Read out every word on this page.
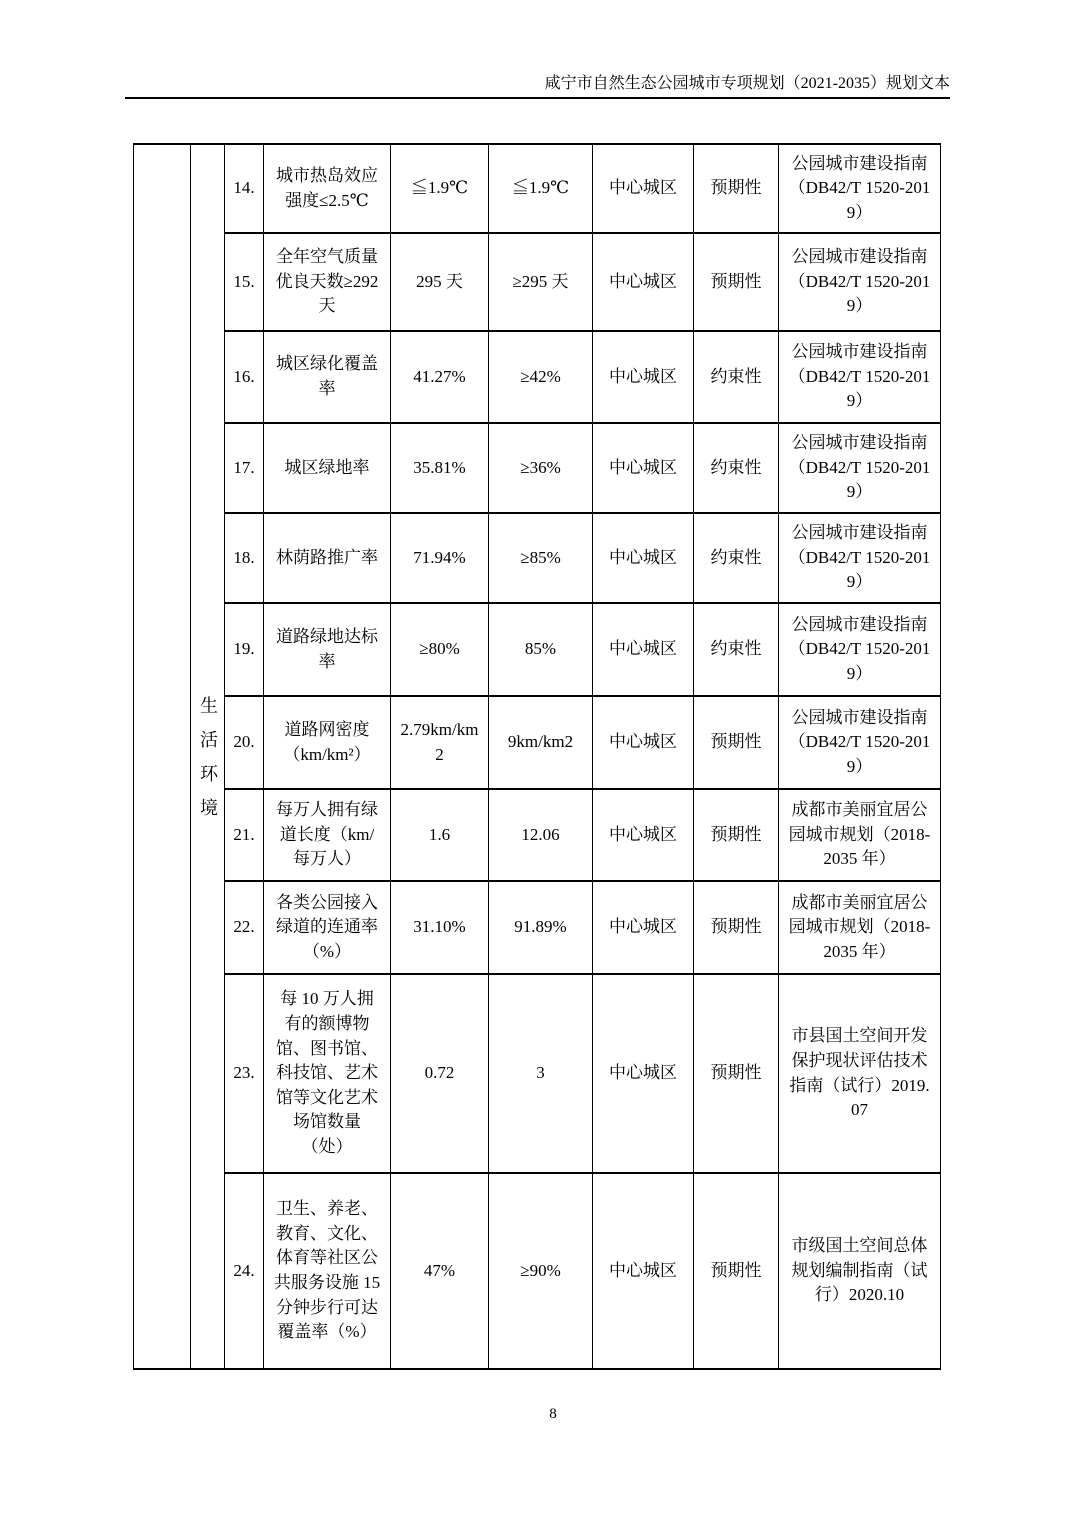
咸宁市自然生态公园城市专项规划（2021-2035）规划文本

	生活环境	14.	城市热岛效应强度≤2.5℃	≦1.9℃	≦1.9℃	中心城区	预期性	公园城市建设指南（DB42/T 1520-2019）
		15.	全年空气质量优良天数≥292 天	295 天	≥295 天	中心城区	预期性	公园城市建设指南（DB42/T 1520-2019）
		16.	城区绿化覆盖率	41.27%	≥42%	中心城区	约束性	公园城市建设指南（DB42/T 1520-2019）
		17.	城区绿地率	35.81%	≥36%	中心城区	约束性	公园城市建设指南（DB42/T 1520-2019）
		18.	林荫路推广率	71.94%	≥85%	中心城区	约束性	公园城市建设指南（DB42/T 1520-2019）
		19.	道路绿地达标率	≥80%	85%	中心城区	约束性	公园城市建设指南（DB42/T 1520-2019）
		20.	道路网密度（km/km²）	2.79km/km2	9km/km2	中心城区	预期性	公园城市建设指南（DB42/T 1520-2019）
		21.	每万人拥有绿道长度（km/每万人）	1.6	12.06	中心城区	预期性	成都市美丽宜居公园城市规划（2018-2035 年）
		22.	各类公园接入绿道的连通率（%）	31.10%	91.89%	中心城区	预期性	成都市美丽宜居公园城市规划（2018-2035 年）
		23.	每 10 万人拥有的额博物馆、图书馆、科技馆、艺术馆等文化艺术场馆数量（处）	0.72	3	中心城区	预期性	市县国土空间开发保护现状评估技术指南（试行）2019.07
		24.	卫生、养老、教育、文化、体育等社区公共服务设施 15 分钟步行可达覆盖率（%）	47%	≥90%	中心城区	预期性	市级国土空间总体规划编制指南（试行）2020.10
8
